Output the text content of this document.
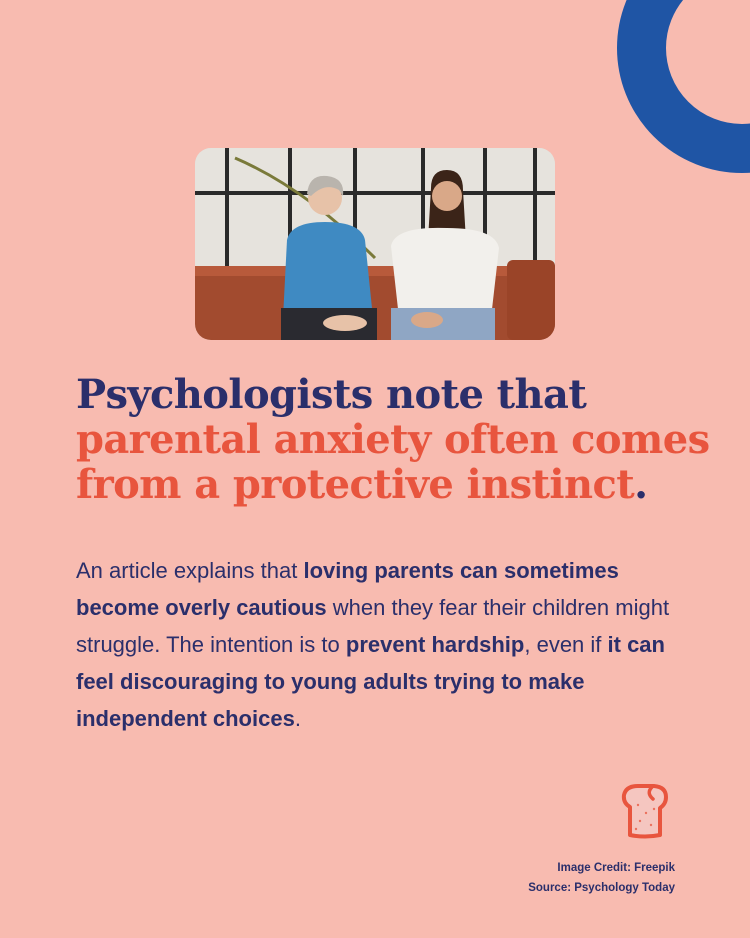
Psychologists note that
parental anxiety often comes from a protective instinct.

An article explains that loving parents can sometimes become overly cautious when they fear their children might struggle. The intention is to prevent hardship, even if it can feel discouraging to young adults trying to make independent choices.

Image Credit: Freepik
Source: Psychology Today
